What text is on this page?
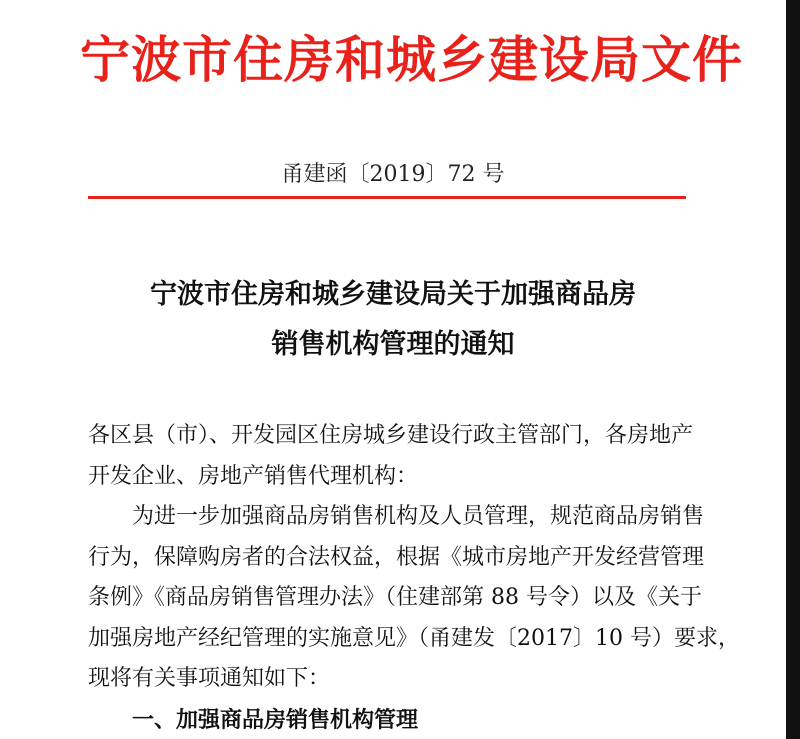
宁波市住房和城乡建设局文件
甬建函〔2019〕72 号
宁波市住房和城乡建设局关于加强商品房
销售机构管理的通知
各区县（市）、开发园区住房城乡建设行政主管部门，各房地产
开发企业、房地产销售代理机构：
为进一步加强商品房销售机构及人员管理，规范商品房销售
行为，保障购房者的合法权益，根据《城市房地产开发经营管理
条例》《商品房销售管理办法》（住建部第 88 号令）以及《关于
加强房地产经纪管理的实施意见》（甬建发〔2017〕10 号）要求，
现将有关事项通知如下：
一、加强商品房销售机构管理
